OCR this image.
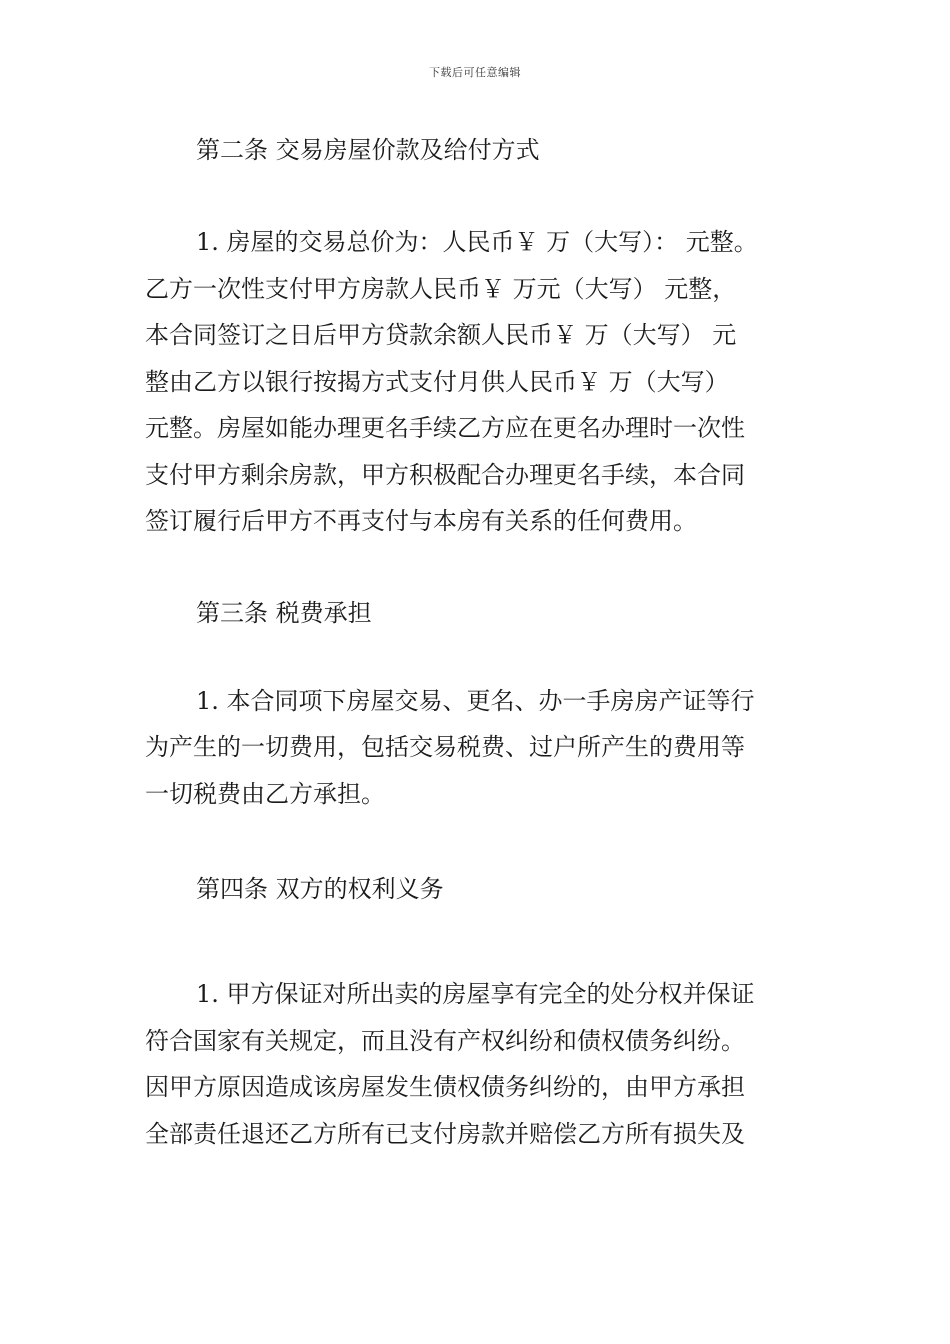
下载后可任意编辑

第二条 交易房屋价款及给付方式

1. 房屋的交易总价为：人民币￥ 万（大写）： 元整。
乙方一次性支付甲方房款人民币￥ 万元（大写） 元整，
本合同签订之日后甲方贷款余额人民币￥ 万（大写） 元
整由乙方以银行按揭方式支付月供人民币￥ 万（大写）
元整。房屋如能办理更名手续乙方应在更名办理时一次性
支付甲方剩余房款，甲方积极配合办理更名手续，本合同
签订履行后甲方不再支付与本房有关系的任何费用。

第三条 税费承担

1. 本合同项下房屋交易、更名、办一手房房产证等行
为产生的一切费用，包括交易税费、过户所产生的费用等
一切税费由乙方承担。

第四条 双方的权利义务

1. 甲方保证对所出卖的房屋享有完全的处分权并保证
符合国家有关规定，而且没有产权纠纷和债权债务纠纷。
因甲方原因造成该房屋发生债权债务纠纷的，由甲方承担
全部责任退还乙方所有已支付房款并赔偿乙方所有损失及
